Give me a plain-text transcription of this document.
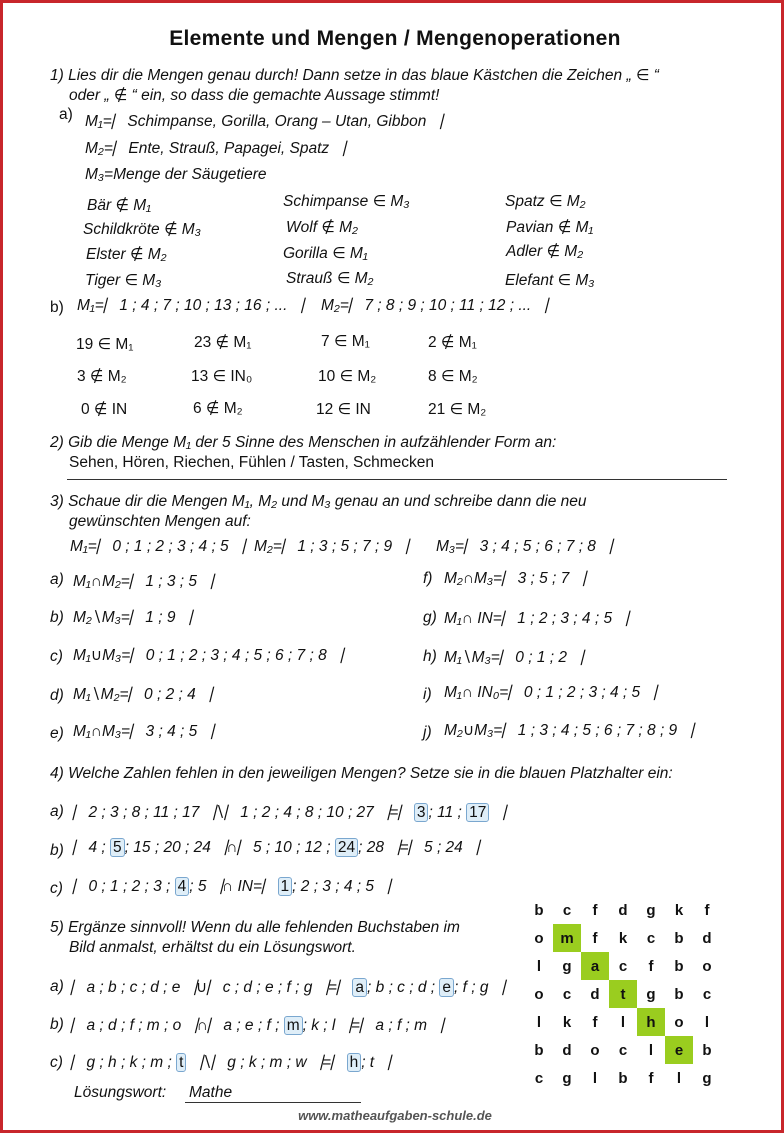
Elemente und Mengen / Mengenoperationen
1) Lies dir die Mengen genau durch! Dann setze in das blaue Kästchen die Zeichen „ ∈ “
oder „ ∉ “ ein, so dass die gemachte Aussage stimmt!
a) M₁=⎸Schimpanse, Gorilla, Orang – Utan, Gibbon⎹
M₂=⎸Ente, Strauß, Papagei, Spatz⎹
M₃=Menge der Säugetiere
Bär ∉ M₁	Schimpanse ∈ M₃	Spatz ∈ M₂
Schildkröte ∉ M₃	Wolf ∉ M₂	Pavian ∉ M₁
Elster ∉ M₂	Gorilla ∈ M₁	Adler ∉ M₂
Tiger ∈ M₃	Strauß ∈ M₂	Elefant ∈ M₃
b) M₁=⎸1 ; 4 ; 7 ; 10 ; 13 ; 16 ; ...⎹ M₂=⎸7 ; 8 ; 9 ; 10 ; 11 ; 12 ; ...⎹
19 ∈ M₁	23 ∉ M₁	7 ∈ M₁	2 ∉ M₁
3 ∉ M₂	13 ∈ IN₀	10 ∈ M₂	8 ∈ M₂
0 ∉ IN	6 ∉ M₂	12 ∈ IN	21 ∈ M₂
2) Gib die Menge M₁ der 5 Sinne des Menschen in aufzählender Form an:
Sehen, Hören, Riechen, Fühlen / Tasten, Schmecken
3) Schaue dir die Mengen M₁, M₂ und M₃ genau an und schreibe dann die neu
gewünschten Mengen auf:
M₁=⎸0 ; 1 ; 2 ; 3 ; 4 ; 5⎹ M₂=⎸1 ; 3 ; 5 ; 7 ; 9⎹ M₃=⎸3 ; 4 ; 5 ; 6 ; 7 ; 8⎹
a) M₁∩M₂=⎸1 ; 3 ; 5⎹
b) M₂∖M₃=⎸1 ; 9⎹
c) M₁∪M₃=⎸0 ; 1 ; 2 ; 3 ; 4 ; 5 ; 6 ; 7 ; 8⎹
d) M₁∖M₂=⎸0 ; 2 ; 4⎹
e) M₁∩M₃=⎸3 ; 4 ; 5⎹
f) M₂∩M₃=⎸3 ; 5 ; 7⎹
g) M₁∩ IN=⎸1 ; 2 ; 3 ; 4 ; 5⎹
h) M₁∖M₃=⎸0 ; 1 ; 2⎹
i) M₁∩ IN₀=⎸0 ; 1 ; 2 ; 3 ; 4 ; 5⎹
j) M₂∪M₃=⎸1 ; 3 ; 4 ; 5 ; 6 ; 7 ; 8 ; 9⎹
4) Welche Zahlen fehlen in den jeweiligen Mengen? Setze sie in die blauen Platzhalter ein:
a) ⎸2 ; 3 ; 8 ; 11 ; 17⎹∖⎸1 ; 2 ; 4 ; 8 ; 10 ; 27⎹=⎸ 3 ; 11 ; 17 ⎹
b) ⎸4 ; 5 ; 15 ; 20 ; 24⎹∩⎸5 ; 10 ; 12 ; 24 ; 28⎹=⎸5 ; 24⎹
c) ⎸0 ; 1 ; 2 ; 3 ; 4 ; 5⎹∩ IN=⎸ 1 ; 2 ; 3 ; 4 ; 5⎹
5) Ergänze sinnvoll! Wenn du alle fehlenden Buchstaben im
Bild anmalst, erhältst du ein Lösungswort.
a) ⎸a ; b ; c ; d ; e⎹∪⎸c ; d ; e ; f ; g⎹=⎸ a ; b ; c ; d ; e ; f ; g⎹
b) ⎸a ; d ; f ; m ; o⎹∩⎸a ; e ; f ; m ; k ; l⎹=⎸a ; f ; m⎹
c) ⎸g ; h ; k ; m ; t ⎹∖⎸g ; k ; m ; w⎹=⎸ h ; t⎹
Lösungswort: Mathe
b	c	f	d	g	k	f
o	m	f	k	c	b	d
l	g	a	c	f	b	o
o	c	d	t	g	b	c
l	k	f	l	h	o	l
b	d	o	c	l	e	b
c	g	l	b	f	l	g
www.matheaufgaben-schule.de
